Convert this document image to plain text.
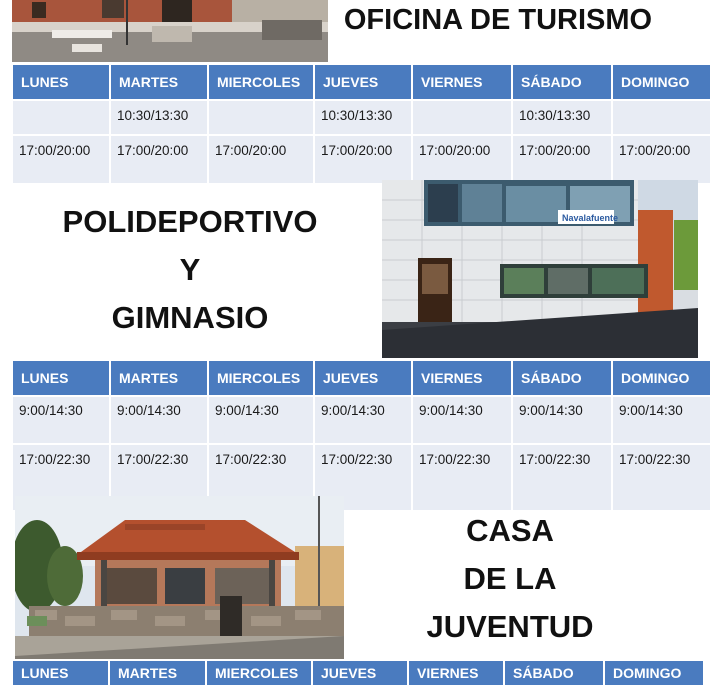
OFICINA DE TURISMO
LUNES	MARTES	MIERCOLES	JUEVES	VIERNES	SÁBADO	DOMINGO
	10:30/13:30		10:30/13:30		10:30/13:30	
17:00/20:00	17:00/20:00	17:00/20:00	17:00/20:00	17:00/20:00	17:00/20:00	17:00/20:00
POLIDEPORTIVO
Y
GIMNASIO
Navalafuente
LUNES	MARTES	MIERCOLES	JUEVES	VIERNES	SÁBADO	DOMINGO
9:00/14:30	9:00/14:30	9:00/14:30	9:00/14:30	9:00/14:30	9:00/14:30	9:00/14:30
17:00/22:30	17:00/22:30	17:00/22:30	17:00/22:30	17:00/22:30	17:00/22:30	17:00/22:30
CASA
DE LA
JUVENTUD
LUNES	MARTES	MIERCOLES	JUEVES	VIERNES	SÁBADO	DOMINGO
